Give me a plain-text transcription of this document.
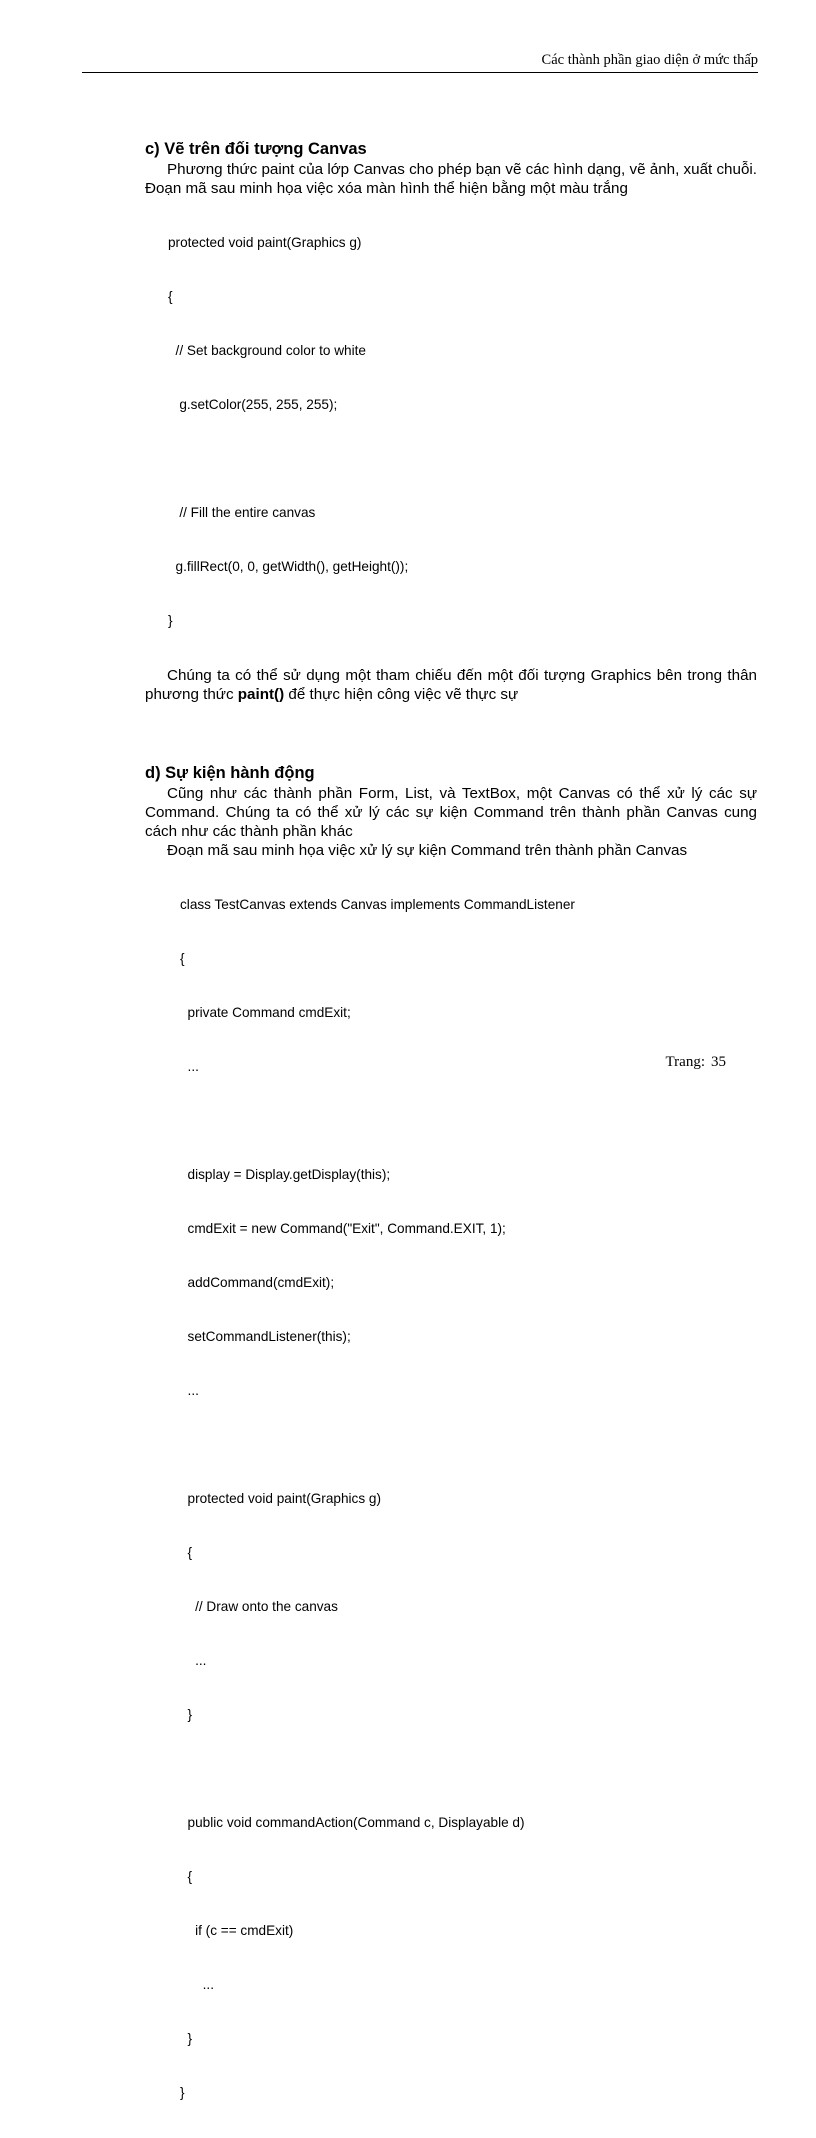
Các thành phần giao diện ở mức thấp
c) Vẽ trên đối tượng Canvas

Phương thức paint của lớp Canvas cho phép bạn vẽ các hình dạng, vẽ ảnh, xuất chuỗi. Đoạn mã sau minh họa việc xóa màn hình thể hiện bằng một màu trắng

protected void paint(Graphics g)

{

// Set background color to white

g.setColor(255, 255, 255);

// Fill the entire canvas

g.fillRect(0, 0, getWidth(), getHeight());

}

Chúng ta có thể sử dụng một tham chiếu đến một đối tượng Graphics bên trong thân phương thức paint() để thực hiện công việc vẽ thực sự

d) Sự kiện hành động

Cũng như các thành phần Form, List, và TextBox, một Canvas có thể xử lý các sự Command. Chúng ta có thể xử lý các sự kiện Command trên thành phần Canvas cung cách như các thành phần khác

Đoạn mã sau minh họa việc xử lý sự kiện Command trên thành phần Canvas

class TestCanvas extends Canvas implements CommandListener

{

private Command cmdExit;

...

display = Display.getDisplay(this);

cmdExit = new Command("Exit", Command.EXIT, 1);

addCommand(cmdExit);

setCommandListener(this);

...

protected void paint(Graphics g)

{

// Draw onto the canvas

...

}

public void commandAction(Command c, Displayable d)

{

if (c == cmdExit)

...

}

}

Trang: 35
